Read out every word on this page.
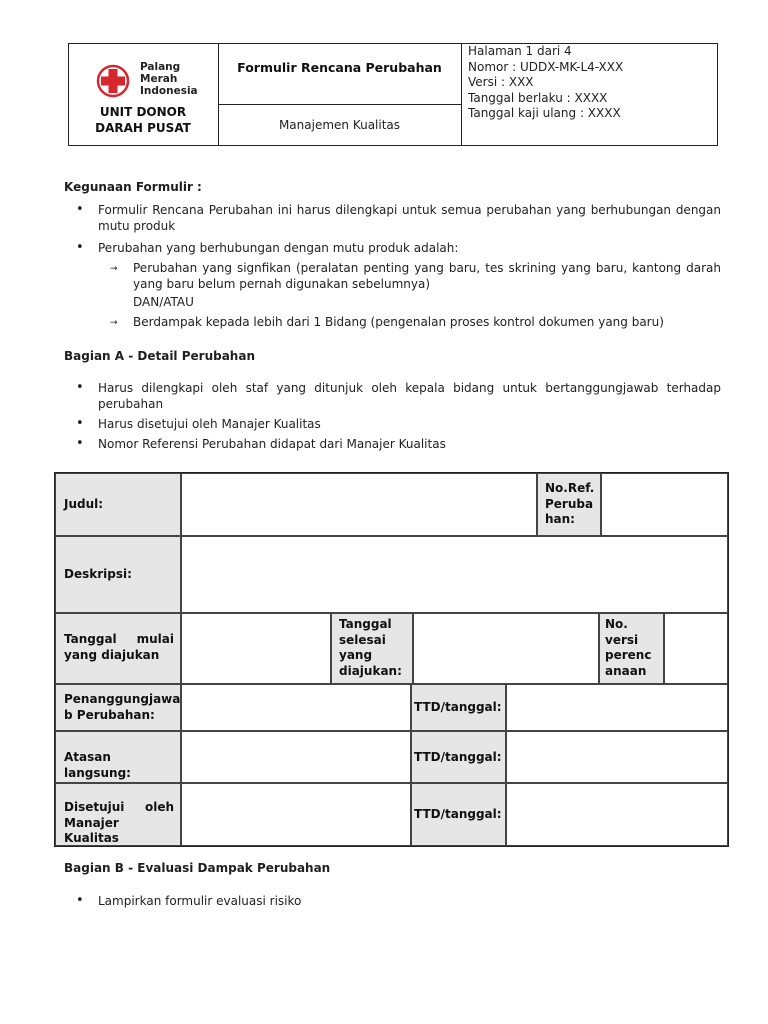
Palang
Merah
Indonesia
UNIT DONOR
DARAH PUSAT
Formulir Rencana Perubahan
Manajemen Kualitas
Halaman 1 dari 4
Nomor : UDDX-MK-L4-XXX
Versi : XXX
Tanggal berlaku : XXXX
Tanggal kaji ulang : XXXX
Kegunaan Formulir :
• Formulir Rencana Perubahan ini harus dilengkapi untuk semua perubahan yang berhubungan dengan mutu produk
• Perubahan yang berhubungan dengan mutu produk adalah:
→ Perubahan yang signfikan (peralatan penting yang baru, tes skrining yang baru, kantong darah yang baru belum pernah digunakan sebelumnya)
DAN/ATAU
→ Berdampak kepada lebih dari 1 Bidang (pengenalan proses kontrol dokumen yang baru)
Bagian A - Detail Perubahan
• Harus dilengkapi oleh staf yang ditunjuk oleh kepala bidang untuk bertanggungjawab terhadap perubahan
• Harus disetujui oleh Manajer Kualitas
• Nomor Referensi Perubahan didapat dari Manajer Kualitas
Judul:
No.Ref.
Peruba
han:
Deskripsi:
Tanggal mulai
yang diajukan
Tanggal
selesai
yang
diajukan:
No.
versi
perenc
anaan
Penanggungjawa
b Perubahan:
TTD/tanggal:
Atasan langsung:
TTD/tanggal:
Disetujui oleh
Manajer Kualitas
TTD/tanggal:
Bagian B - Evaluasi Dampak Perubahan
• Lampirkan formulir evaluasi risiko
